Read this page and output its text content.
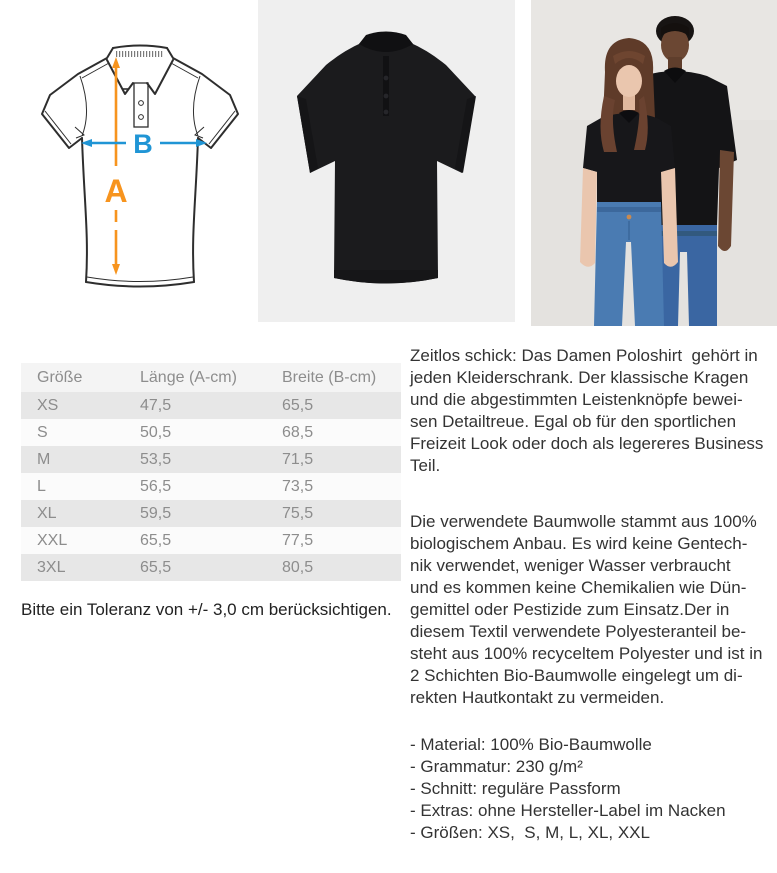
A
B
Größe	Länge (A-cm)	Breite (B-cm)
XS	47,5	65,5
S	50,5	68,5
M	53,5	71,5
L	56,5	73,5
XL	59,5	75,5
XXL	65,5	77,5
3XL	65,5	80,5

Bitte ein Toleranz von +/- 3,0 cm berücksichtigen.

Zeitlos schick: Das Damen Poloshirt  gehört in
jeden Kleiderschrank. Der klassische Kragen
und die abgestimmten Leistenknöpfe bewei-
sen Detailtreue. Egal ob für den sportlichen
Freizeit Look oder doch als legereres Business
Teil.
Die verwendete Baumwolle stammt aus 100%
biologischem Anbau. Es wird keine Gentech-
nik verwendet, weniger Wasser verbraucht
und es kommen keine Chemikalien wie Dün-
gemittel oder Pestizide zum Einsatz.Der in
diesem Textil verwendete Polyesteranteil be-
steht aus 100% recyceltem Polyester und ist in
2 Schichten Bio-Baumwolle eingelegt um di-
rekten Hautkontakt zu vermeiden.
- Material: 100% Bio-Baumwolle
- Grammatur: 230 g/m²
- Schnitt: reguläre Passform
- Extras: ohne Hersteller-Label im Nacken
- Größen: XS,  S, M, L, XL, XXL
